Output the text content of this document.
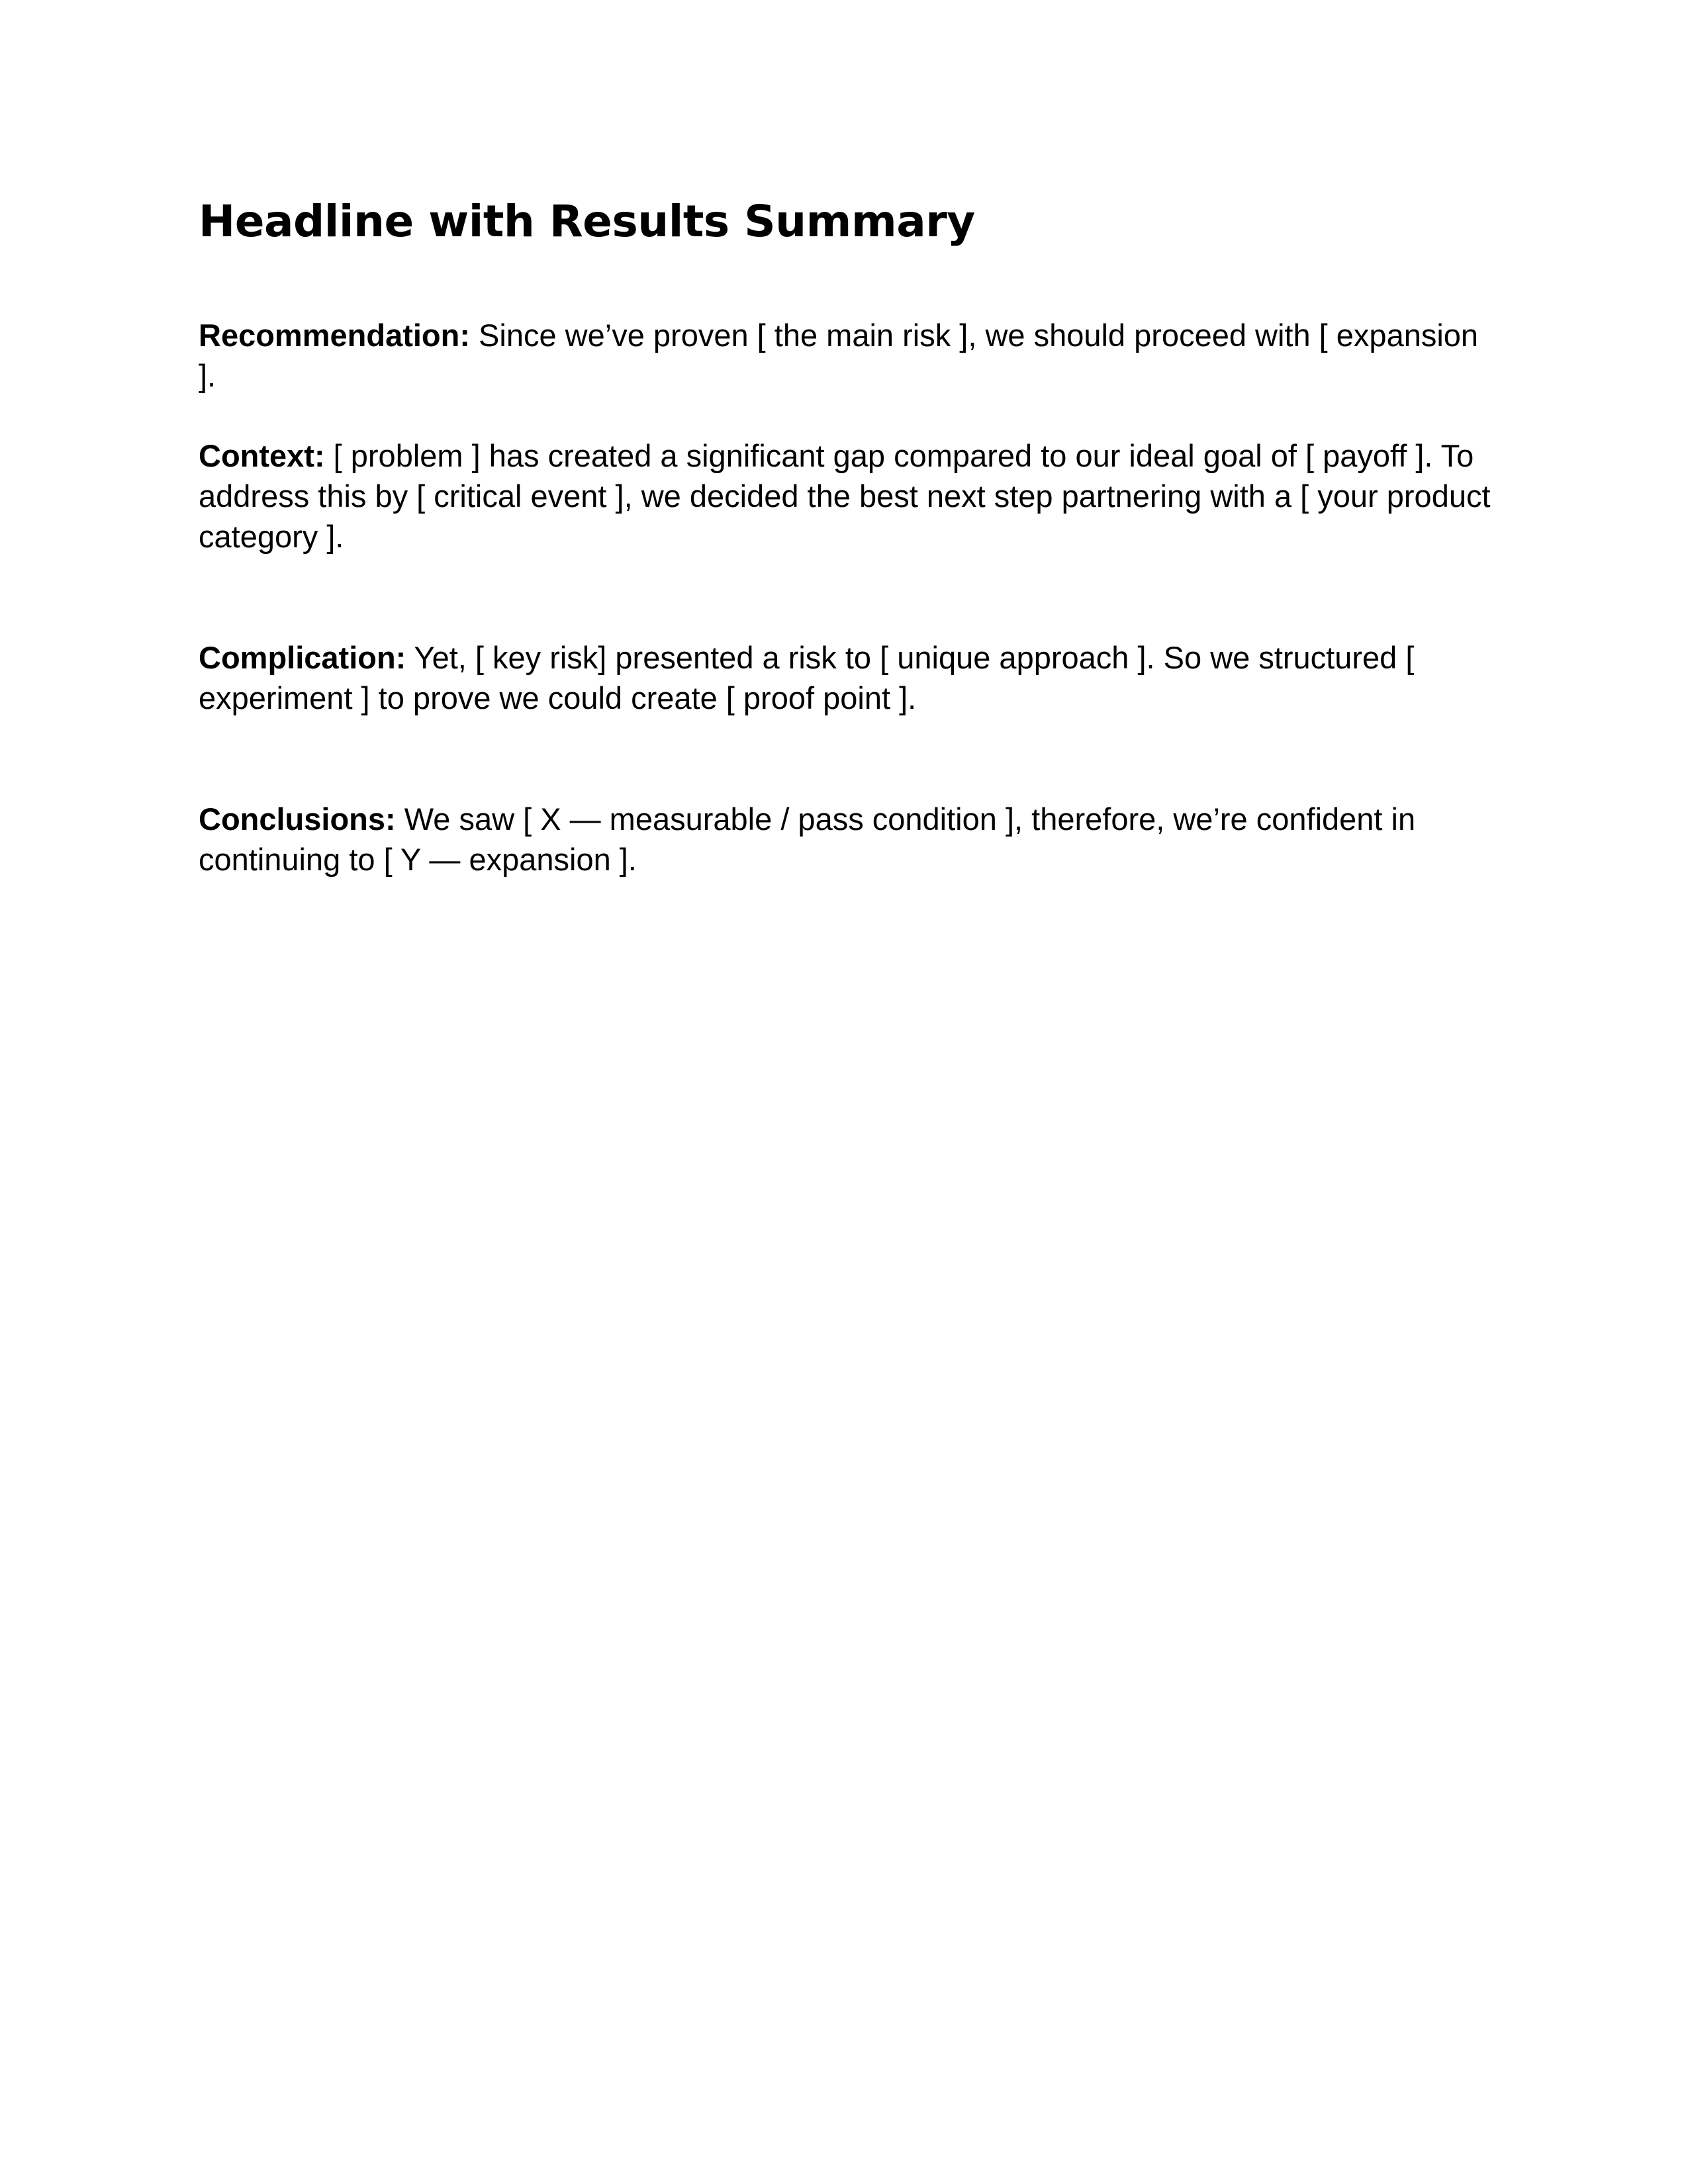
Headline with Results Summary

Recommendation: Since we’ve proven [ the main risk ], we should proceed with [ expansion ].

Context: [ problem ] has created a significant gap compared to our ideal goal of [ payoff ]. To address this by [ critical event ], we decided the best next step partnering with a [ your product category ].

Complication: Yet, [ key risk] presented a risk to [ unique approach ]. So we structured [ experiment ] to prove we could create [ proof point ].

Conclusions: We saw [ X — measurable / pass condition ], therefore, we’re confident in continuing to [ Y — expansion ].
